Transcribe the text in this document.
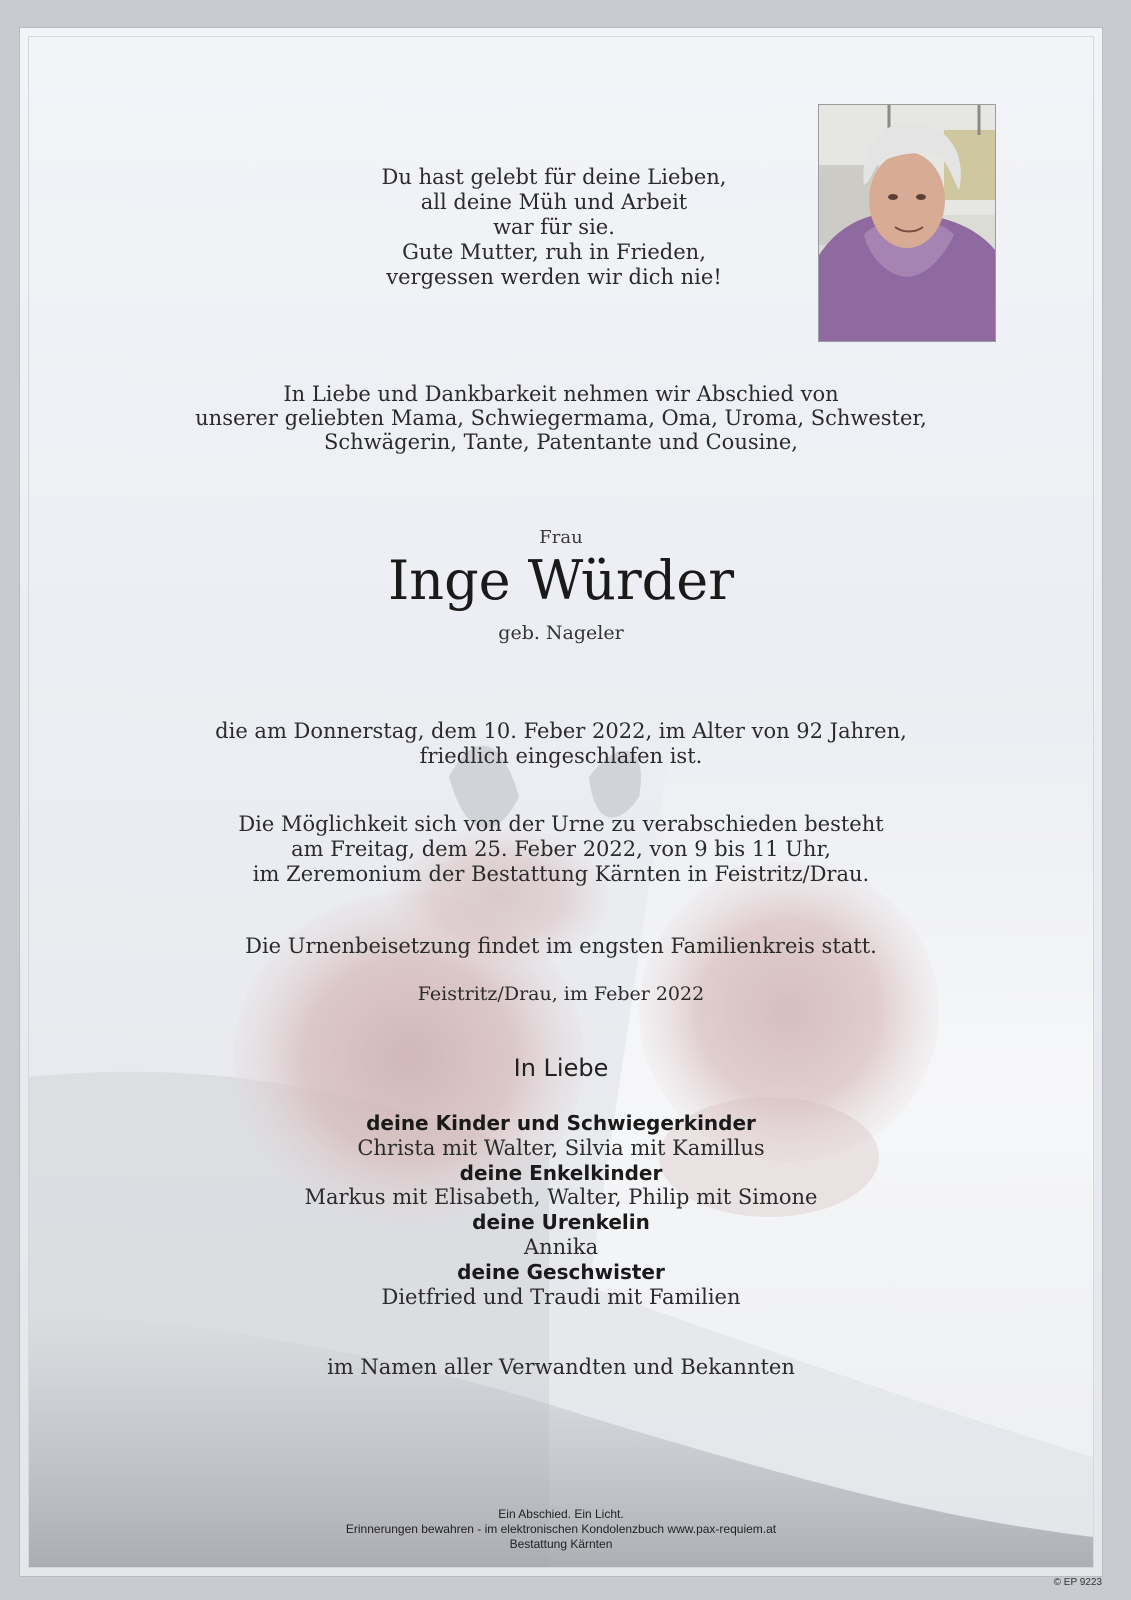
Du hast gelebt für deine Lieben,
all deine Müh und Arbeit
war für sie.
Gute Mutter, ruh in Frieden,
vergessen werden wir dich nie!
In Liebe und Dankbarkeit nehmen wir Abschied von
unserer geliebten Mama, Schwiegermama, Oma, Uroma, Schwester,
Schwägerin, Tante, Patentante und Cousine,
Frau
Inge Würder
geb. Nageler
die am Donnerstag, dem 10. Feber 2022, im Alter von 92 Jahren,
friedlich eingeschlafen ist.
Die Möglichkeit sich von der Urne zu verabschieden besteht
am Freitag, dem 25. Feber 2022, von 9 bis 11 Uhr,
im Zeremonium der Bestattung Kärnten in Feistritz/Drau.
Die Urnenbeisetzung findet im engsten Familienkreis statt.
Feistritz/Drau, im Feber 2022
In Liebe
deine Kinder und Schwiegerkinder
Christa mit Walter, Silvia mit Kamillus
deine Enkelkinder
Markus mit Elisabeth, Walter, Philip mit Simone
deine Urenkelin
Annika
deine Geschwister
Dietfried und Traudi mit Familien
im Namen aller Verwandten und Bekannten
Ein Abschied. Ein Licht.
Erinnerungen bewahren - im elektronischen Kondolenzbuch www.pax-requiem.at
Bestattung Kärnten
© EP 9223
